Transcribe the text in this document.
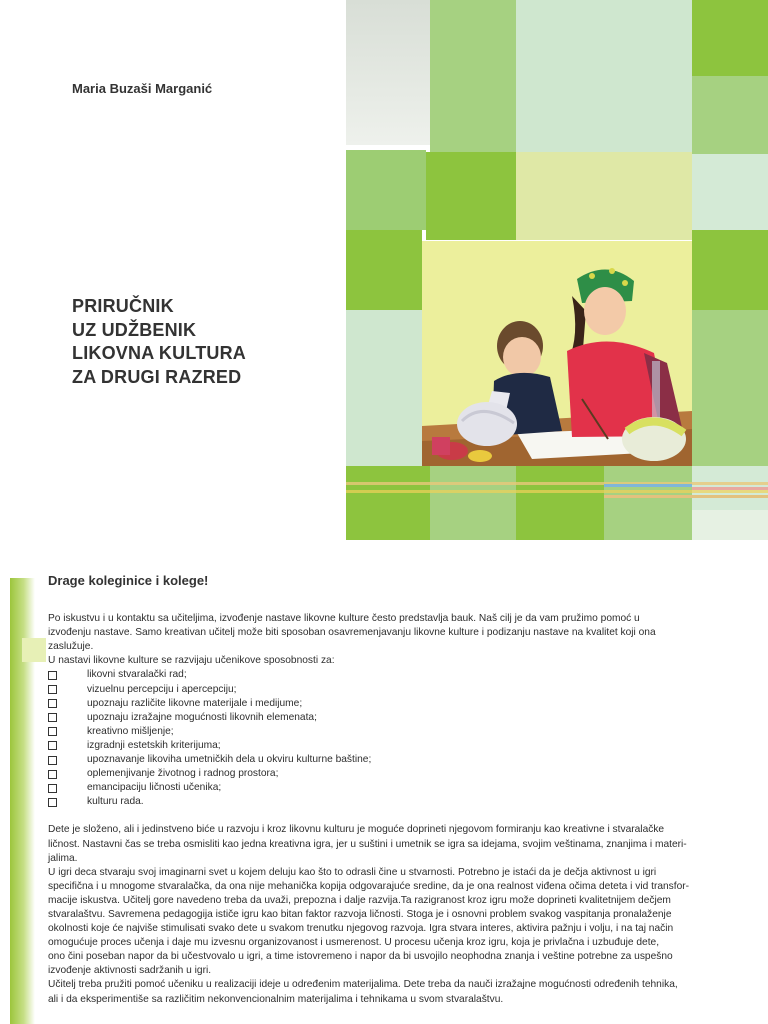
Maria Buzaši Marganić
PRIRUČNIK
UZ UDŽBENIK
LIKOVNA KULTURA
ZA DRUGI RAZRED
Drage koleginice i kolege!
Po iskustvu i u kontaktu sa učiteljima, izvođenje nastave likovne kulture često predstavlja bauk. Naš cilj je da vam pružimo pomoć u
izvođenju nastave. Samo kreativan učitelj može biti sposoban osavremenjavanju likovne kulture i podizanju nastave na kvalitet koji ona
zaslužuje.
U nastavi likovne kulture se razvijaju učenikove sposobnosti za:
likovni stvaralački rad;
vizuelnu percepciju i apercepciju;
upoznaju različite likovne materijale i medijume;
upoznaju izražajne mogućnosti likovnih elemenata;
kreativno mišljenje;
izgradnji estetskih kriterijuma;
upoznavanje likoviha umetničkih dela u okviru kulturne baštine;
oplemenjivanje životnog i radnog prostora;
emancipaciju ličnosti učenika;
kulturu rada.
Dete je složeno, ali i jedinstveno biće u razvoju i kroz likovnu kulturu je moguće doprineti njegovom formiranju kao kreativne i stvaralačke
ličnost. Nastavni čas se treba osmisliti kao jedna kreativna igra, jer u suštini i umetnik se igra sa idejama, svojim veštinama, znanjima i materi-
jalima.
U igri deca stvaraju svoj imaginarni svet u kojem deluju kao što to odrasli čine u stvarnosti. Potrebno je istaći da je dečja aktivnost u igri
specifična i u mnogome stvaralačka, da ona nije mehanička kopija odgovarajuće sredine, da je ona realnost viđena očima deteta i vid transfor-
macije iskustva. Učitelj gore navedeno treba da uvaži, prepozna i dalje razvija.Ta razigranost kroz igru može doprineti kvalitetnijem dečjem
stvaralaštvu. Savremena pedagogija ističe igru kao bitan faktor razvoja ličnosti. Stoga je i osnovni problem svakog vaspitanja pronalaženje
okolnosti koje će najviše stimulisati svako dete u svakom trenutku njegovog razvoja. Igra stvara interes, aktivira pažnju i volju, i na taj način
omogućuje proces učenja i daje mu izvesnu organizovanost i usmerenost. U procesu učenja kroz igru, koja je privlačna i uzbuđuje dete,
ono čini poseban napor da bi učestvovalo u igri, a time istovremeno i napor da bi usvojilo neophodna znanja i veštine potrebne za uspešno
izvođenje aktivnosti sadržanih u igri.
Učitelj treba pružiti pomoć učeniku u realizaciji ideje u određenim materijalima. Dete treba da nauči izražajne mogućnosti određenih tehnika,
ali i da eksperimentiše sa različitim nekonvencionalnim materijalima i tehnikama u svom stvaralaštvu.
